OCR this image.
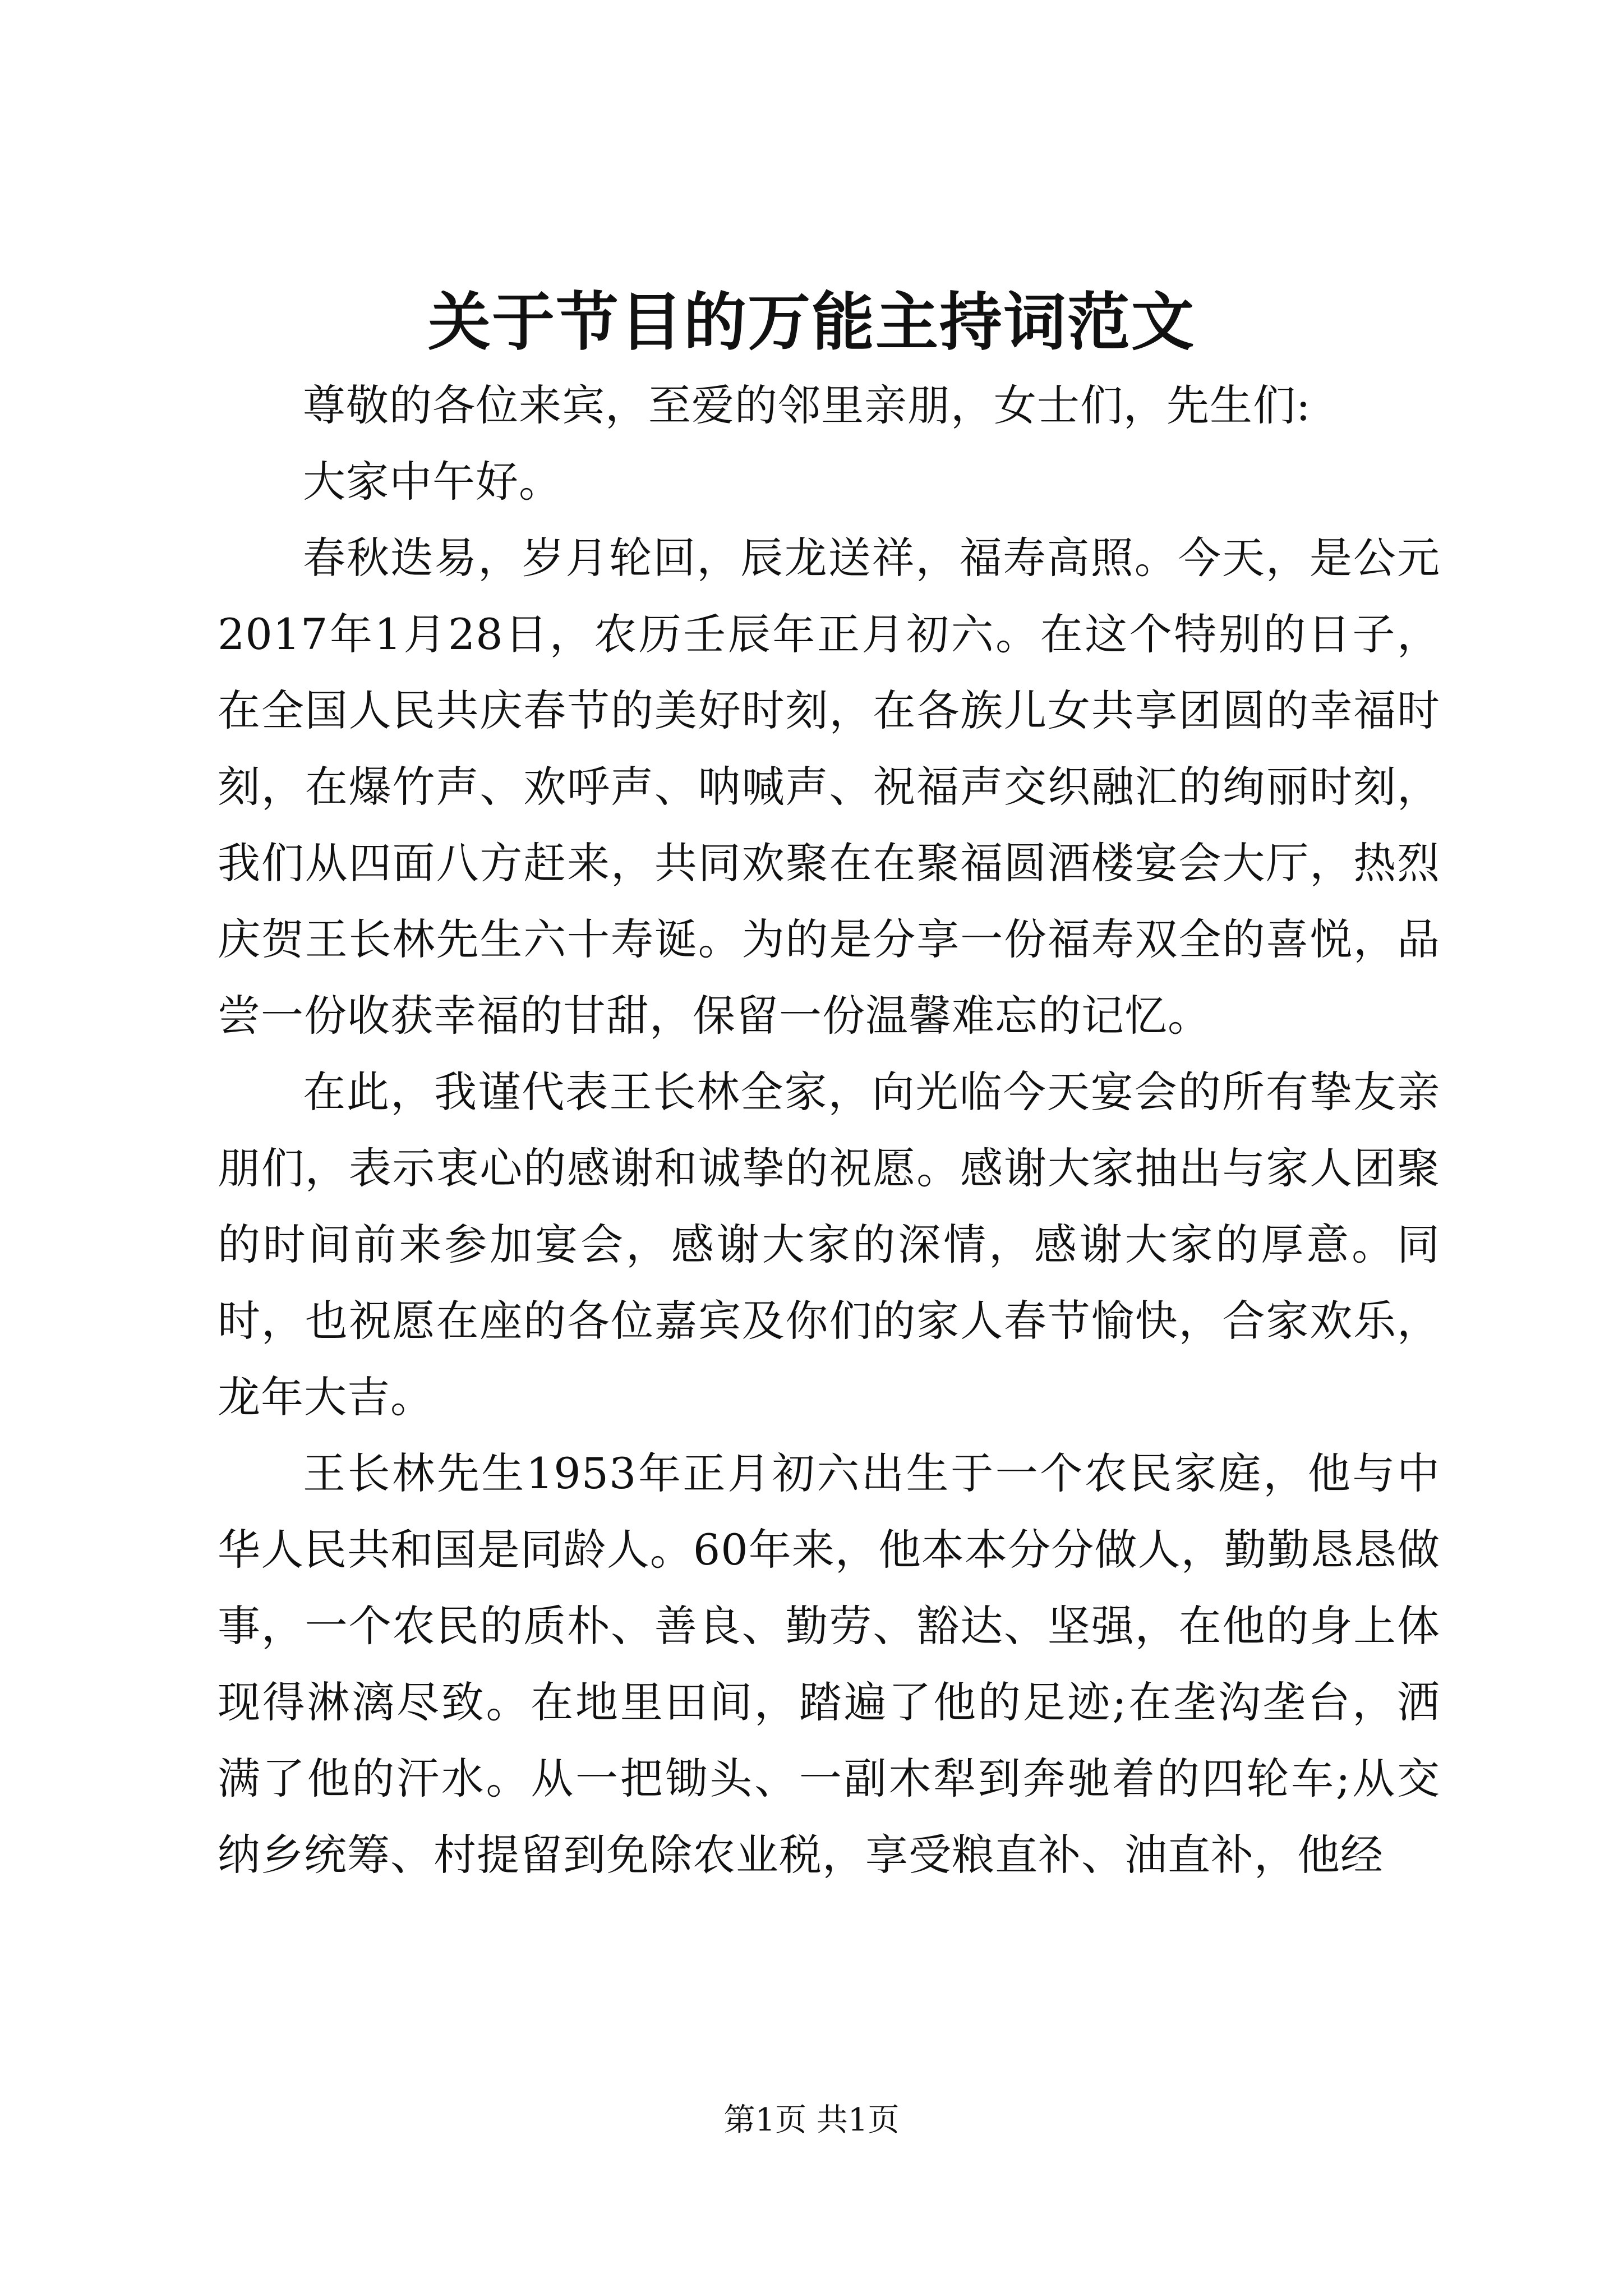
关于节目的万能主持词范文

尊敬的各位来宾，至爱的邻里亲朋，女士们，先生们:

大家中午好。

春秋迭易，岁月轮回，辰龙送祥，福寿高照。今天，是公元2017年1月28日，农历壬辰年正月初六。在这个特别的日子，在全国人民共庆春节的美好时刻，在各族儿女共享团圆的幸福时刻，在爆竹声、欢呼声、呐喊声、祝福声交织融汇的绚丽时刻，我们从四面八方赶来，共同欢聚在在聚福圆酒楼宴会大厅，热烈庆贺王长林先生六十寿诞。为的是分享一份福寿双全的喜悦，品尝一份收获幸福的甘甜，保留一份温馨难忘的记忆。

在此，我谨代表王长林全家，向光临今天宴会的所有挚友亲朋们，表示衷心的感谢和诚挚的祝愿。感谢大家抽出与家人团聚的时间前来参加宴会，感谢大家的深情，感谢大家的厚意。同时，也祝愿在座的各位嘉宾及你们的家人春节愉快，合家欢乐，龙年大吉。

王长林先生1953年正月初六出生于一个农民家庭，他与中华人民共和国是同龄人。60年来，他本本分分做人，勤勤恳恳做事，一个农民的质朴、善良、勤劳、豁达、坚强，在他的身上体现得淋漓尽致。在地里田间，踏遍了他的足迹;在垄沟垄台，洒满了他的汗水。从一把锄头、一副木犁到奔驰着的四轮车;从交纳乡统筹、村提留到免除农业税，享受粮直补、油直补，他经

第1页 共1页
